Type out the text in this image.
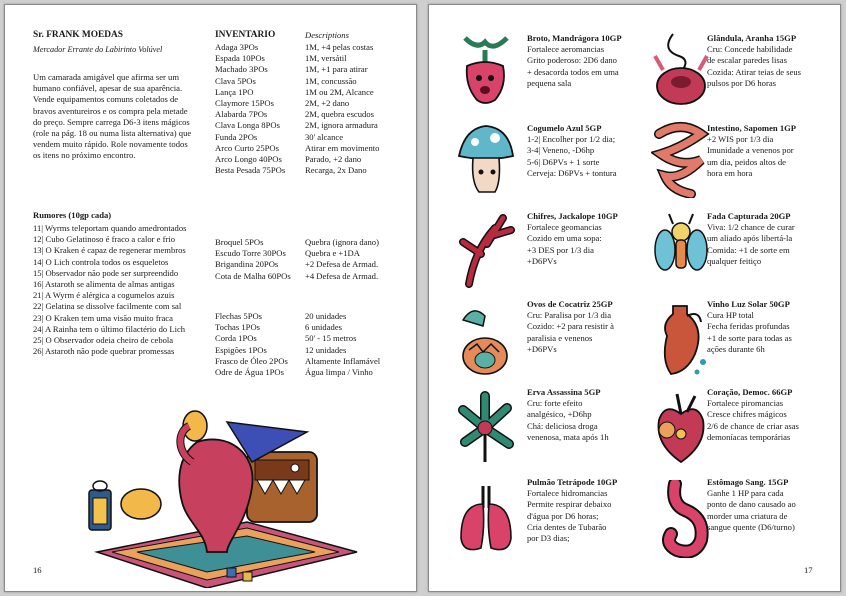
Sr. FRANK MOEDAS
Mercador Errante do Labirinto Volúvel
Um camarada amigável que afirma ser um
humano confiável, apesar de sua aparência.
Vende equipamentos comuns coletados de
bravos aventureiros e os compra pela metade
do preço. Sempre carrega D6-3 itens mágicos
(role na pág. 18 ou numa lista alternativa) que
vendem muito rápido. Role novamente todos
os itens no próximo encontro.
INVENTARIO	Descriptions
Adaga 3POs
Espada 10POs
Machado 3POs
Clava 5POs
Lança 1PO
Claymore 15POs
Alabarda 7POs
Clava Longa 8POs
Funda 2POs
Arco Curto 25POs
Arco Longo 40POs
Besta Pesada 75POs
1M, +4 pelas costas
1M, versátil
1M, +1 para atirar
1M, concussão
1M ou 2M, Alcance
2M, +2 dano
2M, quebra escudos
2M, ignora armadura
30' alcance
Atirar em movimento
Parado, +2 dano
Recarga, 2x Dano
Broquel 5POs
Escudo Torre 30POs
Brigandina 20POs
Cota de Malha 60POs
Quebra (ignora dano)
Quebra e +1DA
+2 Defesa de Armad.
+4 Defesa de Armad.
Flechas 5POs
Tochas 1POs
Corda 1POs
Espigões 1POs
Frasco de Óleo 2POs
Odre de Água 1POs
20 unidades
6 unidades
50' - 15 metros
12 unidades
Altamente Inflamável
Água limpa / Vinho
Rumores (10gp cada)
11| Wyrms teleportam quando amedrontados
12| Cubo Gelatinoso é fraco a calor e frio
13| O Kraken é capaz de regenerar membros
14| O Lich controla todos os esqueletos
15| Observador não pode ser surpreendido
16| Astaroth se alimenta de almas antigas
21| A Wyrm é alérgica a cogumelos azuis
22| Gelatina se dissolve facilmente com sal
23| O Kraken tem uma visão muito fraca
24| A Rainha tem o último filactério do Lich
25| O Observador odeia cheiro de cebola
26| Astaroth não pode quebrar promessas
16
Broto, Mandrágora 10GP
Fortalece aeromancias
Grito poderoso: 2D6 dano
+ desacorda todos em uma
pequena sala
Glândula, Aranha 15GP
Cru: Concede habilidade
de escalar paredes lisas
Cozida: Atirar teias de seus
pulsos por D6 horas
Cogumelo Azul 5GP
1-2| Encolher por 1/2 dia;
3-4| Veneno, -D6hp
5-6| D6PVs + 1 sorte
Cerveja: D6PVs + tontura
Intestino, Sapomen 1GP
+2 WIS por 1/3 dia
Imunidade a venenos por
um dia, peidos altos de
hora em hora
Chifres, Jackalope 10GP
Fortalece geomancias
Cozido em uma sopa:
+3 DES por 1/3 dia
+D6PVs
Fada Capturada 20GP
Viva: 1/2 chance de curar
um aliado após libertá-la
Comida: +1 de sorte em
qualquer feitiço
Ovos de Cocatriz 25GP
Cru: Paralisa por 1/3 dia
Cozido: +2 para resistir à
paralisia e venenos
+D6PVs
Vinho Luz Solar 50GP
Cura HP total
Fecha feridas profundas
+1 de sorte para todas as
ações durante 6h
Erva Assassina 5GP
Cru: forte efeito
analgésico, +D6hp
Chá: deliciosa droga
venenosa, mata após 1h
Coração, Democ. 66GP
Fortalece piromancias
Cresce chifres mágicos
2/6 de chance de criar asas
demoníacas temporárias
Pulmão Tetrápode 10GP
Fortalece hidromancias
Permite respirar debaixo
d'água por D6 horas;
Cria dentes de Tubarão
por D3 dias;
Estômago Sang. 15GP
Ganhe 1 HP para cada
ponto de dano causado ao
morder uma criatura de
sangue quente (D6/turno)
17
